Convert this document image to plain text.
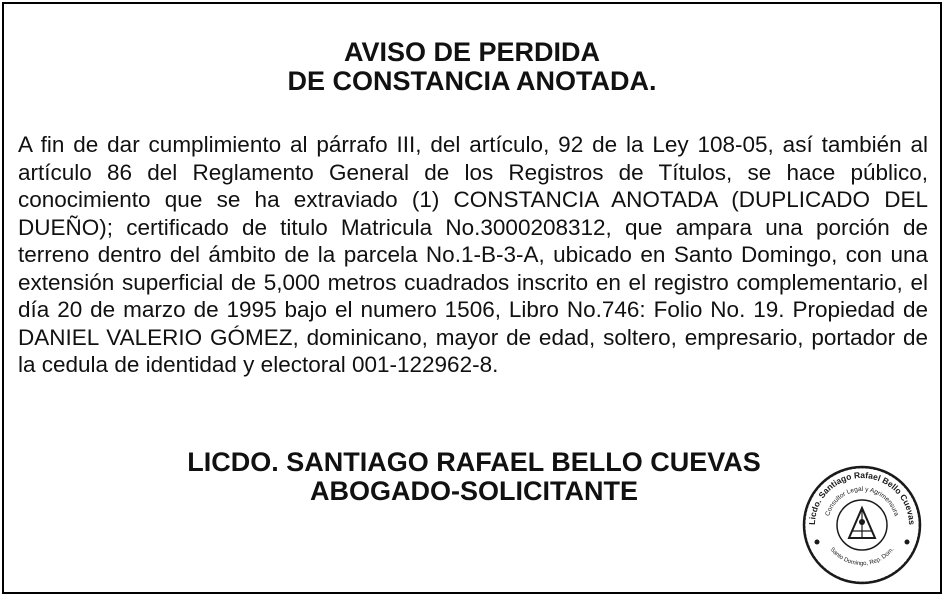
AVISO DE PERDIDA
DE CONSTANCIA ANOTADA.
A fin de dar cumplimiento al párrafo III, del artículo, 92 de la Ley 108-05, así también al artículo 86 del Reglamento General de los Registros de Títulos, se hace público, conocimiento que se ha extraviado (1) CONSTANCIA ANOTADA (DUPLICADO DEL DUEÑO); certificado de titulo Matricula No.3000208312, que ampara una porción de terreno dentro del ámbito de la parcela No.1-B-3-A, ubicado en Santo Domingo, con una extensión superficial de 5,000 metros cuadrados inscrito en el registro complementario, el día 20 de marzo de 1995 bajo el numero 1506, Libro No.746: Folio No. 19. Propiedad de DANIEL VALERIO GÓMEZ, dominicano, mayor de edad, soltero, empresario, portador de la cedula de identidad y electoral 001-122962-8.
LICDO. SANTIAGO RAFAEL BELLO CUEVAS
ABOGADO-SOLICITANTE
Licdo. Santiago Rafael Bello Cuevas
Consultor Legal y Agrimensura
Santo Domingo, Rep. Dom.
